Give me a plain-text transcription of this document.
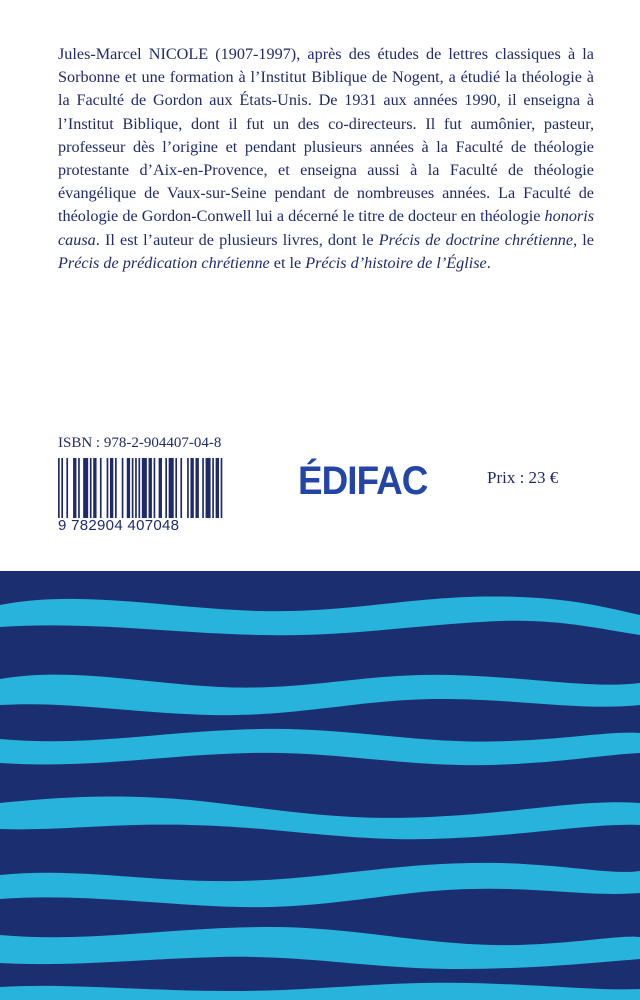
Jules-Marcel NICOLE (1907-1997), après des études de lettres classiques à la Sorbonne et une formation à l’Institut Biblique de Nogent, a étudié la théologie à la Faculté de Gordon aux États-Unis. De 1931 aux années 1990, il enseigna à l’Institut Biblique, dont il fut un des co-directeurs. Il fut aumônier, pasteur, professeur dès l’origine et pendant plusieurs années à la Faculté de théologie protestante d’Aix-en-Provence, et enseigna aussi à la Faculté de théologie évangélique de Vaux-sur-Seine pendant de nombreuses années. La Faculté de théologie de Gordon-Conwell lui a décerné le titre de docteur en théologie honoris causa. Il est l’auteur de plusieurs livres, dont le Précis de doctrine chrétienne, le Précis de prédication chrétienne et le Précis d’histoire de l’Église.
ISBN : 978-2-904407-04-8
9 782904 407048
ÉDIFAC	Prix : 23 €
